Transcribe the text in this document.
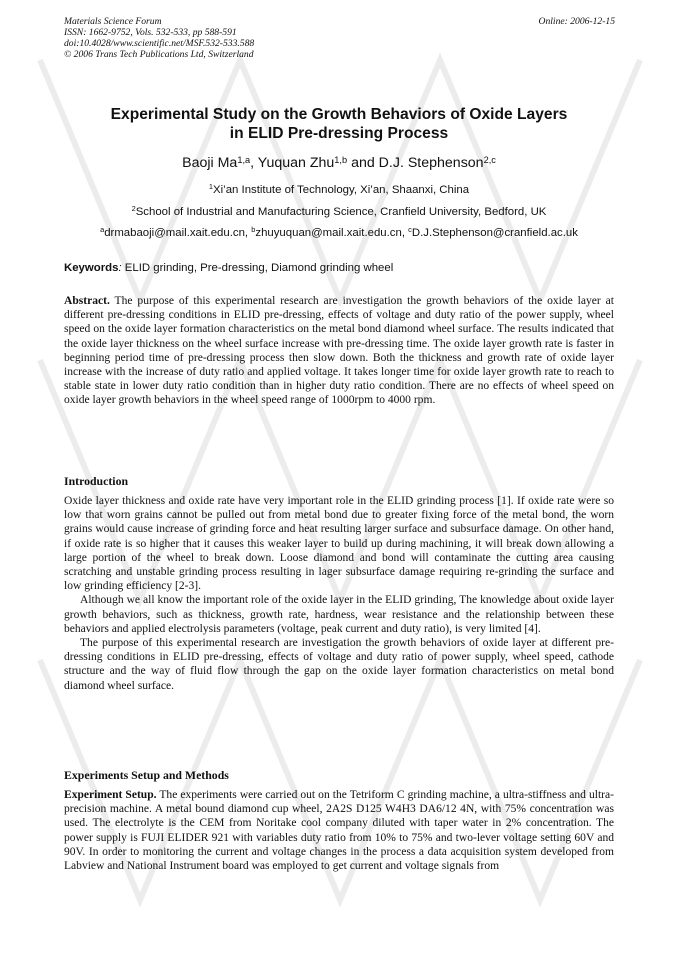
Materials Science Forum
ISSN: 1662-9752, Vols. 532-533, pp 588-591
doi:10.4028/www.scientific.net/MSF.532-533.588
© 2006 Trans Tech Publications Ltd, Switzerland
Online: 2006-12-15
Experimental Study on the Growth Behaviors of Oxide Layers
in ELID Pre-dressing Process
Baoji Ma$^{1,a}$, Yuquan Zhu$^{1,b}$ and D.J. Stephenson$^{2,c}$
$^1$Xi’an Institute of Technology, Xi’an, Shaanxi, China
$^2$School of Industrial and Manufacturing Science, Cranfield University, Bedford, UK
$^a$drmabaoji@mail.xait.edu.cn, $^b$zhuyuquan@mail.xait.edu.cn, $^c$D.J.Stephenson@cranfield.ac.uk
Keywords: ELID grinding, Pre-dressing, Diamond grinding wheel
Abstract. The purpose of this experimental research are investigation the growth behaviors of the oxide layer at different pre-dressing conditions in ELID pre-dressing, effects of voltage and duty ratio of the power supply, wheel speed on the oxide layer formation characteristics on the metal bond diamond wheel surface. The results indicated that the oxide layer thickness on the wheel surface increase with pre-dressing time. The oxide layer growth rate is faster in beginning period time of pre-dressing process then slow down. Both the thickness and growth rate of oxide layer increase with the increase of duty ratio and applied voltage. It takes longer time for oxide layer growth rate to reach to stable state in lower duty ratio condition than in higher duty ratio condition. There are no effects of wheel speed on oxide layer growth behaviors in the wheel speed range of 1000rpm to 4000 rpm.
Introduction
Oxide layer thickness and oxide rate have very important role in the ELID grinding process [1]. If oxide rate were so low that worn grains cannot be pulled out from metal bond due to greater fixing force of the metal bond, the worn grains would cause increase of grinding force and heat resulting larger surface and subsurface damage. On other hand, if oxide rate is so higher that it causes this weaker layer to build up during machining, it will break down allowing a large portion of the wheel to break down. Loose diamond and bond will contaminate the cutting area causing scratching and unstable grinding process resulting in lager subsurface damage requiring re-grinding the surface and low grinding efficiency [2-3].
Although we all know the important role of the oxide layer in the ELID grinding, The knowledge about oxide layer growth behaviors, such as thickness, growth rate, hardness, wear resistance and the relationship between these behaviors and applied electrolysis parameters (voltage, peak current and duty ratio), is very limited [4].
The purpose of this experimental research are investigation the growth behaviors of oxide layer at different pre-dressing conditions in ELID pre-dressing, effects of voltage and duty ratio of power supply, wheel speed, cathode structure and the way of fluid flow through the gap on the oxide layer formation characteristics on metal bond diamond wheel surface.
Experiments Setup and Methods
Experiment Setup. The experiments were carried out on the Tetriform C grinding machine, a ultra-stiffness and ultra- precision machine. A metal bound diamond cup wheel, 2A2S D125 W4H3 DA6/12 4N, with 75% concentration was used. The electrolyte is the CEM from Noritake cool company diluted with taper water in 2% concentration. The power supply is FUJI ELIDER 921 with variables duty ratio from 10% to 75% and two-lever voltage setting 60V and 90V. In order to monitoring the current and voltage changes in the process a data acquisition system developed from Labview and National Instrument board was employed to get current and voltage signals from
